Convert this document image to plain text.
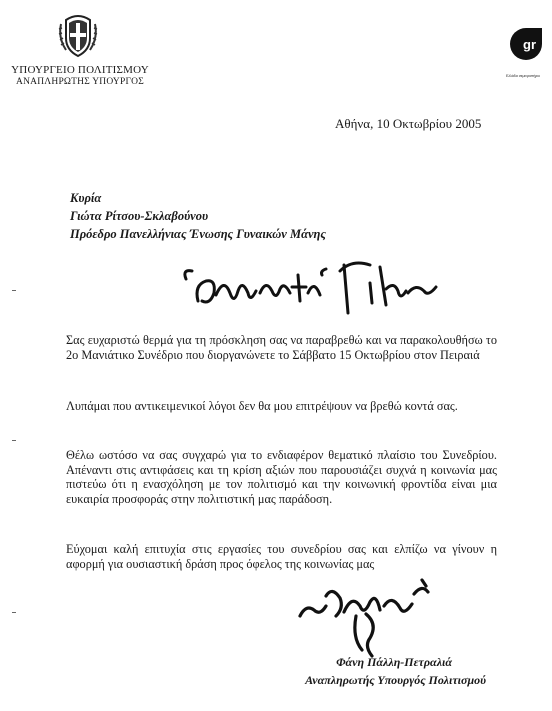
ΥΠΟΥΡΓΕΙΟ ΠΟΛΙΤΙΣΜΟΥ
ΑΝΑΠΛΗΡΩΤΗΣ ΥΠΟΥΡΓΟΣ
gr
Ελλάδα σεμινριστήριο
Αθήνα, 10 Οκτωβρίου 2005
Κυρία
Γιώτα Ρίτσου-Σκλαβούνου
Πρόεδρο Πανελλήνιας Ένωσης Γυναικών Μάνης
Σας ευχαριστώ θερμά για τη πρόσκληση σας να παραβρεθώ και να παρακολουθήσω το 2ο Μανιάτικο Συνέδριο που διοργανώνετε το Σάββατο 15 Οκτωβρίου στον Πειραιά
Λυπάμαι που αντικειμενικοί λόγοι δεν θα μου επιτρέψουν να βρεθώ κοντά σας.
Θέλω ωστόσο να σας συγχαρώ για το ενδιαφέρον θεματικό πλαίσιο του Συνεδρίου. Απέναντι στις αντιφάσεις και τη κρίση αξιών που παρουσιάζει συχνά η κοινωνία μας πιστεύω ότι η ενασχόληση με τον πολιτισμό και την κοινωνική φροντίδα είναι μια ευκαιρία προσφοράς στην πολιτιστική μας παράδοση.
Εύχομαι καλή επιτυχία στις εργασίες του συνεδρίου σας και ελπίζω να γίνουν η αφορμή για ουσιαστική δράση προς όφελος της κοινωνίας μας
Φάνη Πάλλη-Πετραλιά
Αναπληρωτής Υπουργός Πολιτισμού
